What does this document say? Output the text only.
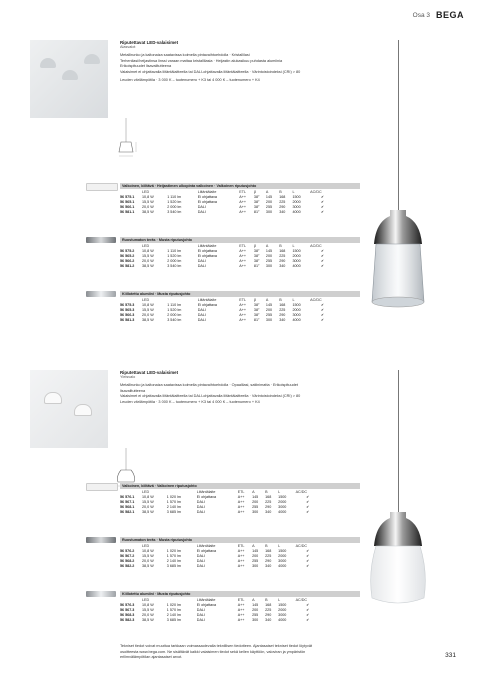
Osa 3 BEGA
Riputettavat LED-valaisimet
Alasvalot
Metallirunko ja kaltonaiza saatavissa kolmella pintavaihtoehdolla · Kristallilasi
Terhenilasi/heijastinsa linssi varaan mattaa kristallilasia · Heijastin alukasikuu puhdasta alumiinia
Erikoispituudet lisavalitutteena
Valaisimet ei ohjattavalla liitäntälaitteella tai DALI-ohjattavalla liitäntälaitteella · Värintoistoindeksi (CRI) > 80
Leuden värilämpötila · 3 000 K – tuotenumero + K3 tai 4 000 K – tuotenumero + K4
Valkoinen, kiiltävä · Heijastimen ulkopinta valkoinen · Valkoinen riputusjohto
	LED		Liitäntälaite	ETL	β	A	B	L	AC/DC
56 575.1	10,8 W	1 110 lm	Ei ohjattava	A++	38°	145	168	1500	✔
56 565.1	15,5 W	1 520 lm	Ei ohjattava	A++	38°	200	225	2000	✔
56 566.1	20,0 W	2 000 lm	DALI	A++	38°	255	290	3000	✔
56 581.1	38,5 W	3 540 lm	DALI	A++	81°	300	340	4000	✔
Ruostumaton teräs · Musta riputusjohto
	LED		Liitäntälaite	ETL	β	A	B	L	AC/DC
56 575.2	10,8 W	1 110 lm	Ei ohjattava	A++	38°	145	168	1500	✔
56 565.2	15,5 W	1 520 lm	Ei ohjattava	A++	38°	200	225	2000	✔
56 566.2	20,0 W	2 000 lm	DALI	A++	38°	255	290	3000	✔
56 581.2	38,5 W	3 540 lm	DALI	A++	81°	300	340	4000	✔
Kiillotettu alumiini · Musta riputusjohto
	LED		Liitäntälaite	ETL	β	A	B	L	AC/DC
56 575.3	10,8 W	1 110 lm	Ei ohjattava	A++	38°	145	168	1500	✔
56 565.3	15,5 W	1 520 lm	DALI	A++	38°	200	225	2000	✔
56 566.3	20,0 W	2 000 lm	DALI	A++	38°	255	290	3000	✔
56 581.3	38,5 W	3 540 lm	DALI	A++	81°	300	340	4000	✔
Riputettavat LED-valaisimet
Yleisvalo
Metallirunko ja kaltonaiza saatavissa kolmella pintavaihtoehdolla · Opaalilasi, satiinimatta · Erikoispituudet
lisavalitutteena
Valaisimet ei ohjattavalla liitäntälaitteella tai DALI-ohjattavalla liitäntälaitteella · Värintoistoindeksi (CRI) > 80
Leuden värilämpötila · 3 000 K – tuotenumero + K3 tai 4 000 K – tuotenumero + K4
Valkoinen, kiiltävä · Valkoinen riputusjohto
	LED		Liitäntälaite	ETL	A	B	L	AC/DC
56 576.1	10,8 W	1 020 lm	Ei ohjattava	A++	145	168	1500	✔
56 567.1	15,5 W	1 570 lm	DALI	A++	200	225	2000	✔
56 568.1	20,0 W	2 140 lm	DALI	A++	255	290	3000	✔
56 582.1	38,5 W	3 685 lm	DALI	A++	300	340	4000	✔
Ruostumaton teräs · Musta riputusjohto
	LED		Liitäntälaite	ETL	A	B	L	AC/DC
56 576.2	10,8 W	1 020 lm	Ei ohjattava	A++	145	168	1500	✔
56 567.2	15,5 W	1 570 lm	DALI	A++	200	225	2000	✔
56 568.2	20,0 W	2 140 lm	DALI	A++	255	290	3000	✔
56 582.2	38,5 W	3 685 lm	DALI	A++	300	340	4000	✔
Kiillotettu alumiini · Musta riputusjohto
	LED		Liitäntälaite	ETL	A	B	L	AC/DC
56 576.3	10,8 W	1 020 lm	Ei ohjattava	A++	145	168	1500	✔
56 567.3	15,5 W	1 570 lm	DALI	A++	200	225	2000	✔
56 568.3	20,0 W	2 140 lm	DALI	A++	255	290	3000	✔
56 582.3	38,5 W	3 685 lm	DALI	A++	300	340	4000	✔
Tekniset tiedot voivat muuttua tarkkaan voimassaolevalla teknillisen tiedotteen. Ajantasaiset tekniset tiedot löytyvät
osoitteesta www.bega.com. Ne sisältävät kaikki valaisimen tiedot sekä kellen käyttöön, valoviran ja ympäristön
erilimvälämpötilan ajantasaiset arvot.	331
